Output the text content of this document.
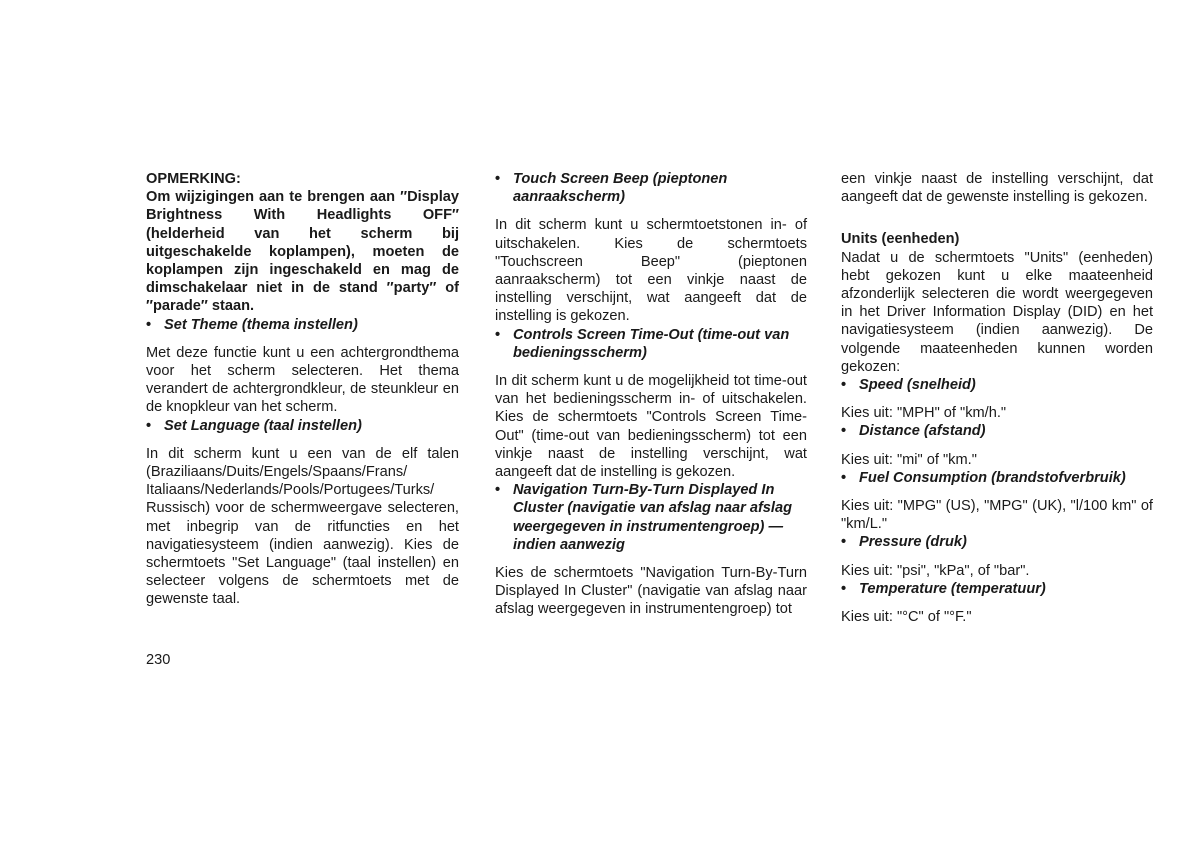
OPMERKING:

Om wijzigingen aan te brengen aan ″Display Brightness With Headlights OFF″ (helderheid van het scherm bij uitgeschakelde koplampen), moeten de koplampen zijn ingeschakeld en mag de dimschakelaar niet in de stand ″party″ of ″parade″ staan.

• Set Theme (thema instellen)

Met deze functie kunt u een achtergrondthema voor het scherm selecteren. Het thema verandert de achtergrondkleur, de steunkleur en de knopkleur van het scherm.

• Set Language (taal instellen)

In dit scherm kunt u een van de elf talen (Braziliaans/Duits/Engels/Spaans/Frans/ Italiaans/Nederlands/Pools/Portugees/Turks/ Russisch) voor de schermweergave selecteren, met inbegrip van de ritfuncties en het navigatiesysteem (indien aanwezig). Kies de schermtoets "Set Language" (taal instellen) en selecteer volgens de schermtoets met de gewenste taal.

• Touch Screen Beep (pieptonen aanraakscherm)

In dit scherm kunt u schermtoetstonen in- of uitschakelen. Kies de schermtoets "Touchscreen Beep" (pieptonen aanraakscherm) tot een vinkje naast de instelling verschijnt, wat aangeeft dat de instelling is gekozen.

• Controls Screen Time-Out (time-out van bedieningsscherm)

In dit scherm kunt u de mogelijkheid tot time-out van het bedieningsscherm in- of uitschakelen. Kies de schermtoets "Controls Screen Time-Out" (time-out van bedieningsscherm) tot een vinkje naast de instelling verschijnt, wat aangeeft dat de instelling is gekozen.

• Navigation Turn-By-Turn Displayed In Cluster (navigatie van afslag naar afslag weergegeven in instrumentengroep) — indien aanwezig

Kies de schermtoets "Navigation Turn-By-Turn Displayed In Cluster" (navigatie van afslag naar afslag weergegeven in instrumentengroep) tot

een vinkje naast de instelling verschijnt, dat aangeeft dat de gewenste instelling is gekozen.

Units (eenheden)

Nadat u de schermtoets "Units" (eenheden) hebt gekozen kunt u elke maateenheid afzonderlijk selecteren die wordt weergegeven in het Driver Information Display (DID) en het navigatiesysteem (indien aanwezig). De volgende maateenheden kunnen worden gekozen:

• Speed (snelheid)

Kies uit: "MPH" of "km/h."

• Distance (afstand)

Kies uit: "mi" of "km."

• Fuel Consumption (brandstofverbruik)

Kies uit: "MPG" (US), "MPG" (UK), "l/100 km" of "km/L."

• Pressure (druk)

Kies uit: "psi", "kPa", of "bar".

• Temperature (temperatuur)

Kies uit: "°C" of "°F."

230
